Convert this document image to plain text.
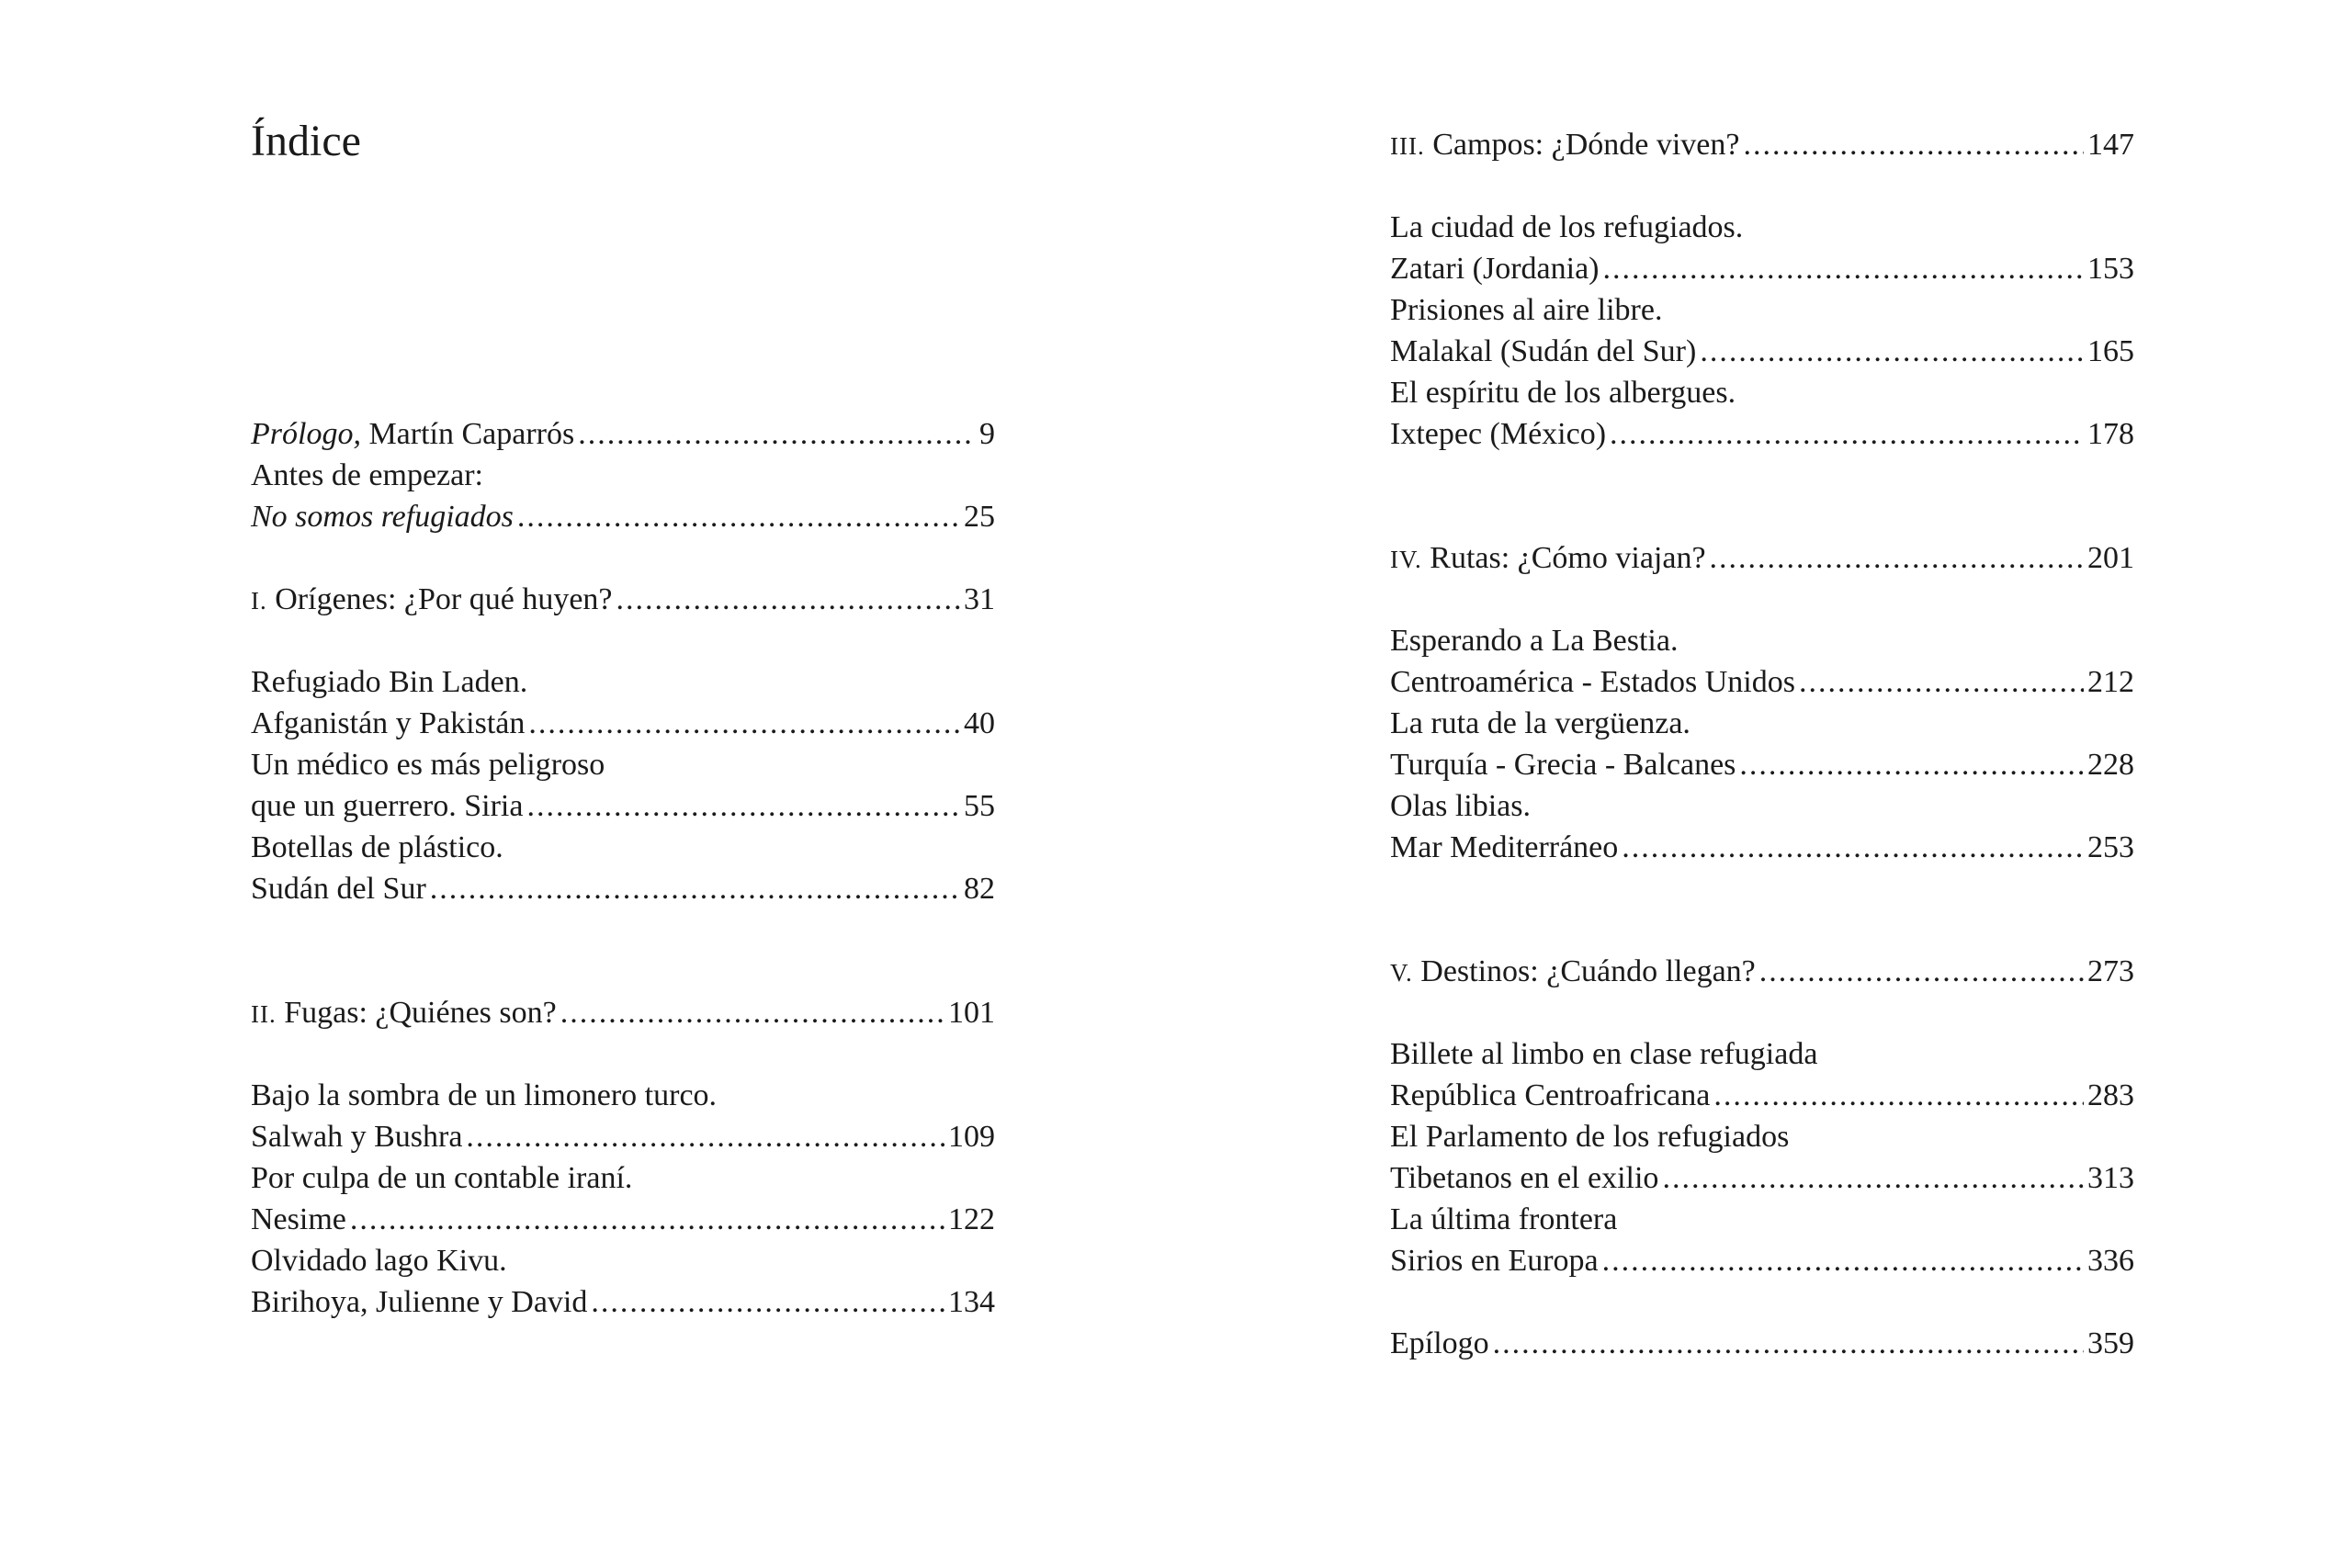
Índice
Prólogo, Martín Caparrós .....	9
Antes de empezar:
No somos refugiados .....	25
I. Orígenes: ¿Por qué huyen? .....	31
Refugiado Bin Laden.
Afganistán y Pakistán .....	40
Un médico es más peligroso
que un guerrero. Siria .....	55
Botellas de plástico.
Sudán del Sur .....	82
II. Fugas: ¿Quiénes son? .....	101
Bajo la sombra de un limonero turco.
Salwah y Bushra .....	109
Por culpa de un contable iraní.
Nesime .....	122
Olvidado lago Kivu.
Birihoya, Julienne y David .....	134
III. Campos: ¿Dónde viven? .....	147
La ciudad de los refugiados.
Zatari (Jordania) .....	153
Prisiones al aire libre.
Malakal (Sudán del Sur) .....	165
El espíritu de los albergues.
Ixtepec (México) .....	178
IV. Rutas: ¿Cómo viajan? .....	201
Esperando a La Bestia.
Centroamérica - Estados Unidos .....	212
La ruta de la vergüenza.
Turquía - Grecia - Balcanes .....	228
Olas libias.
Mar Mediterráneo .....	253
V. Destinos: ¿Cuándo llegan? .....	273
Billete al limbo en clase refugiada
República Centroafricana .....	283
El Parlamento de los refugiados
Tibetanos en el exilio .....	313
La última frontera
Sirios en Europa .....	336
Epílogo .....	359
